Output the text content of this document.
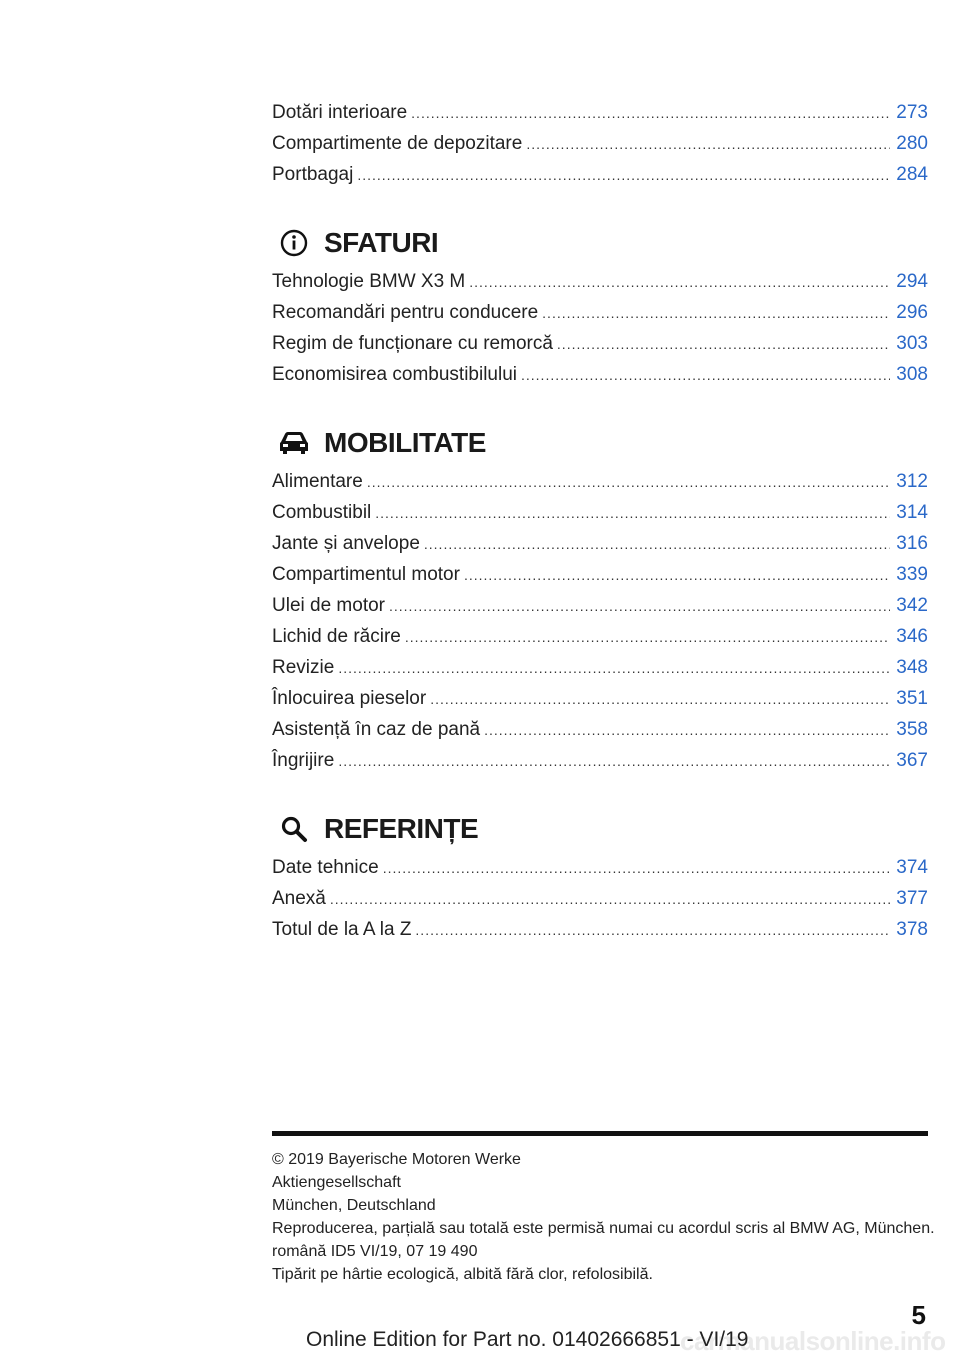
Dotări interioare .....	273
Compartimente de depozitare .....	280
Portbagaj .....	284
SFATURI
Tehnologie BMW X3 M .....	294
Recomandări pentru conducere .....	296
Regim de funcționare cu remorcă .....	303
Economisirea combustibilului .....	308
MOBILITATE
Alimentare .....	312
Combustibil .....	314
Jante și anvelope .....	316
Compartimentul motor .....	339
Ulei de motor .....	342
Lichid de răcire .....	346
Revizie .....	348
Înlocuirea pieselor .....	351
Asistență în caz de pană .....	358
Îngrijire .....	367
REFERINȚE
Date tehnice .....	374
Anexă .....	377
Totul de la A la Z .....	378
© 2019 Bayerische Motoren Werke
Aktiengesellschaft
München, Deutschland
Reproducerea, parțială sau totală este permisă numai cu acordul scris al BMW AG, München.
română ID5 VI/19, 07 19 490
Tipărit pe hârtie ecologică, albită fără clor, refolosibilă.
5
carmanualsonline.info
Online Edition for Part no. 01402666851 - VI/19
